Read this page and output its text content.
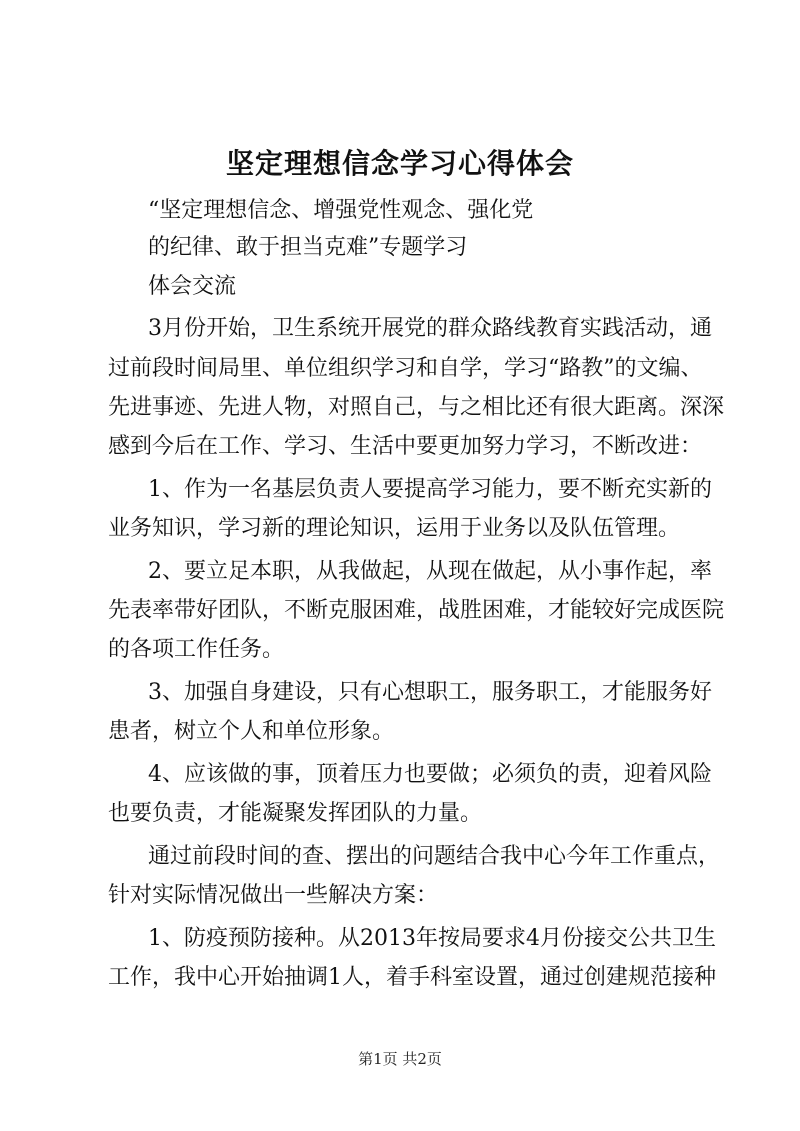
坚定理想信念学习心得体会
“坚定理想信念、增强党性观念、强化党
的纪律、敢于担当克难”专题学习
体会交流
3月份开始，卫生系统开展党的群众路线教育实践活动，通
过前段时间局里、单位组织学习和自学，学习“路教”的文编、
先进事迹、先进人物，对照自己，与之相比还有很大距离。深深
感到今后在工作、学习、生活中要更加努力学习，不断改进：
1、作为一名基层负责人要提高学习能力，要不断充实新的
业务知识，学习新的理论知识，运用于业务以及队伍管理。
2、要立足本职，从我做起，从现在做起，从小事作起，率
先表率带好团队，不断克服困难，战胜困难，才能较好完成医院
的各项工作任务。
3、加强自身建设，只有心想职工，服务职工，才能服务好
患者，树立个人和单位形象。
4、应该做的事，顶着压力也要做；必须负的责，迎着风险
也要负责，才能凝聚发挥团队的力量。
通过前段时间的查、摆出的问题结合我中心今年工作重点，
针对实际情况做出一些解决方案：
1、防疫预防接种。从2013年按局要求4月份接交公共卫生
工作，我中心开始抽调1人，着手科室设置，通过创建规范接种
第1页 共2页
